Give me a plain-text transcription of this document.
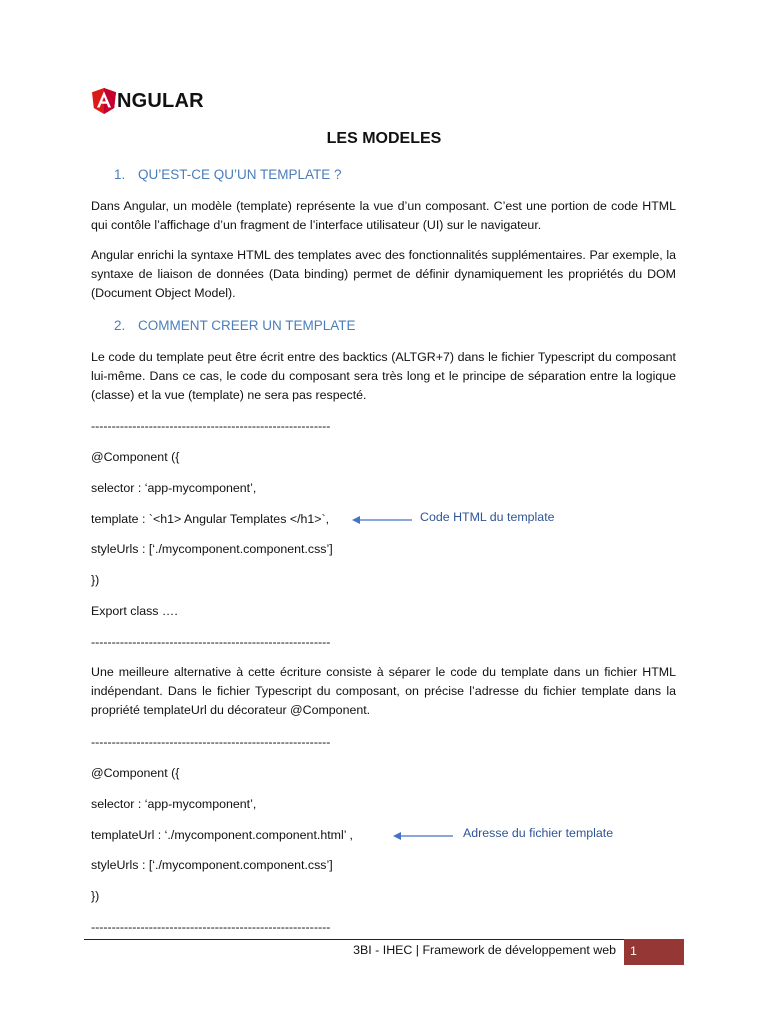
NGULAR
LES MODELES
1. QU’EST-CE QU’UN TEMPLATE ?
Dans Angular, un modèle (template) représente la vue d’un composant. C’est une portion de code HTML qui contôle l’affichage d’un fragment de l’interface utilisateur (UI) sur le navigateur.
Angular enrichi la syntaxe HTML des templates avec des fonctionnalités supplémentaires. Par exemple, la syntaxe de liaison de données (Data binding) permet de définir dynamiquement les propriétés du DOM (Document Object Model).
2. COMMENT CREER UN TEMPLATE
Le code du template peut être écrit entre des backtics (ALTGR+7) dans le fichier Typescript du composant lui-même. Dans ce cas, le code du composant sera très long et le principe de séparation entre la logique (classe) et la vue (template) ne sera pas respecté.
----------------------------------------------------------
@Component ({
selector : ‘app-mycomponent’,
template : `<h1> Angular Templates </h1>`,
styleUrls : [‘./mycomponent.component.css’]
})
Export class ….
----------------------------------------------------------
Code HTML du template
Une meilleure alternative à cette écriture consiste à séparer le code du template dans un fichier HTML indépendant. Dans le fichier Typescript du composant, on précise l’adresse du fichier template dans la propriété templateUrl du décorateur @Component.
----------------------------------------------------------
@Component ({
selector : ‘app-mycomponent’,
templateUrl : ‘./mycomponent.component.html’ ,
styleUrls : [‘./mycomponent.component.css’]
})
----------------------------------------------------------
Adresse du fichier template
3BI - IHEC | Framework de développement web	1
